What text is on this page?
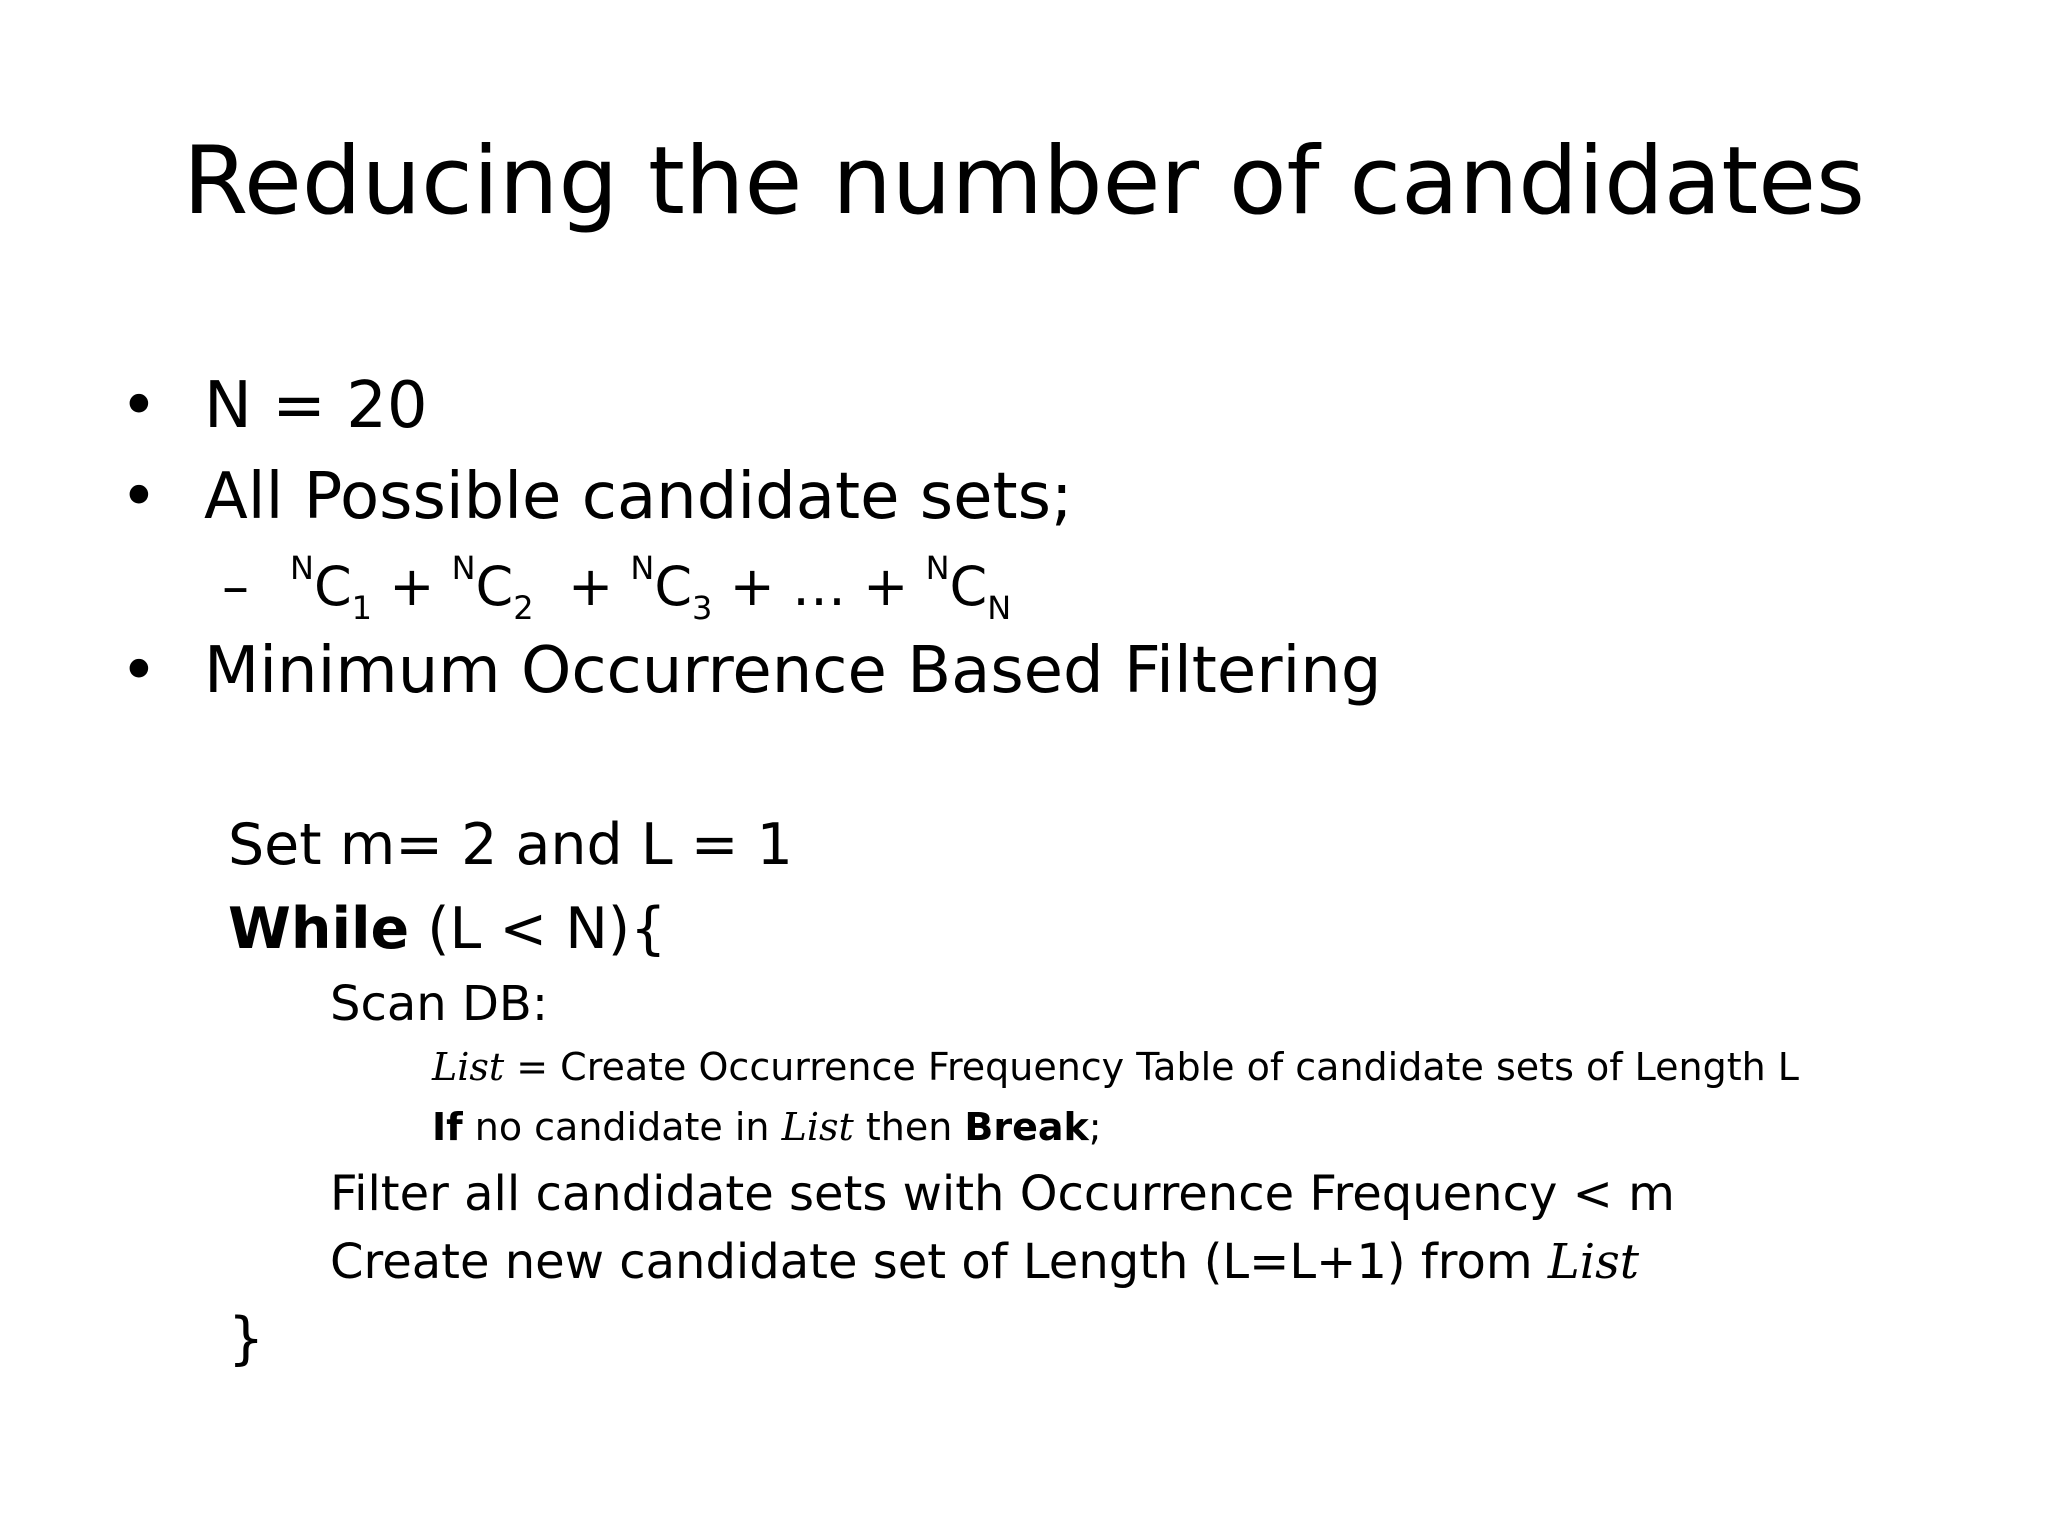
Reducing the number of candidates
• N = 20
• All Possible candidate sets;
–	$^NC_1 + ^NC_2 + ^NC_3$ + … + $^NC_N$
• Minimum Occurrence Based Filtering
Set m= 2 and L = 1
While (L < N){
Scan DB:
List = Create Occurrence Frequency Table of candidate sets of Length L
If no candidate in List then Break;
Filter all candidate sets with Occurrence Frequency < m
Create new candidate set of Length (L=L+1) from List
}
